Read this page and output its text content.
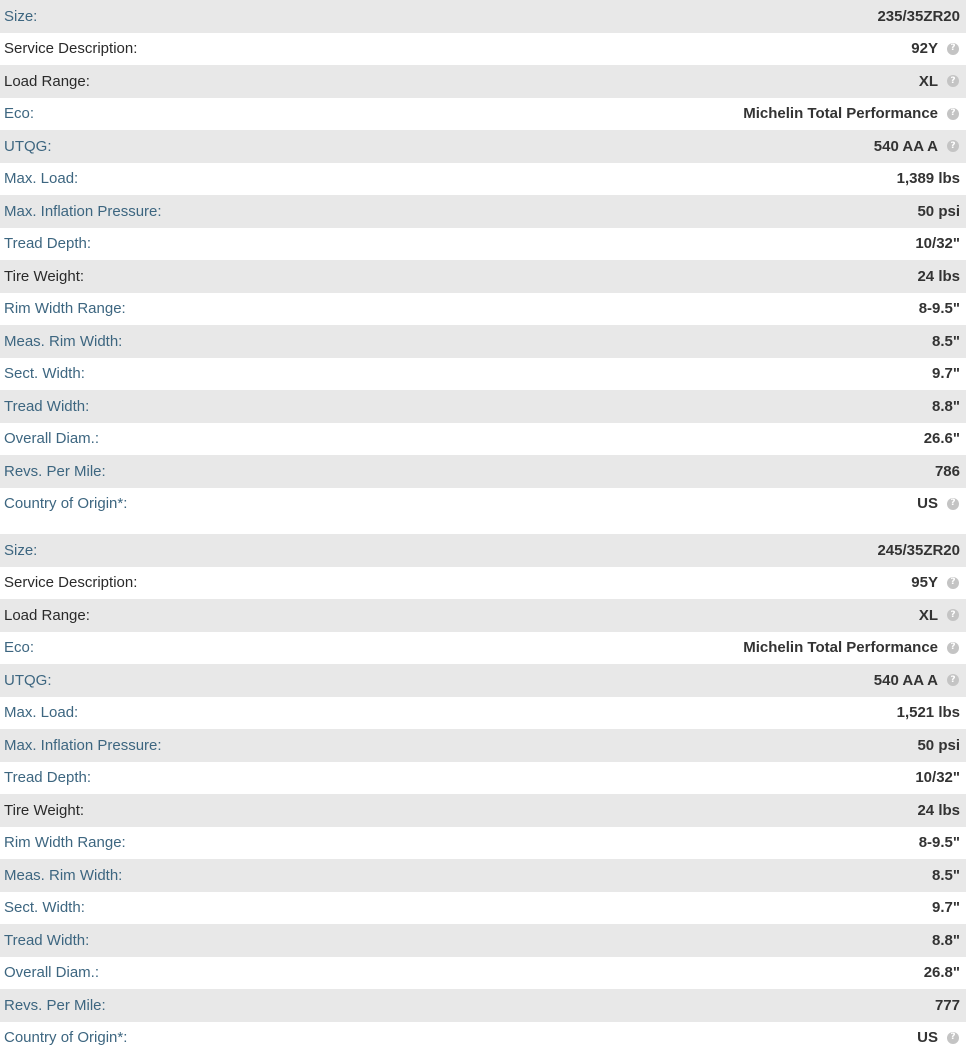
Size:	235/35ZR20
Service Description:	92Y	?
Load Range:	XL	?
Eco:	Michelin Total Performance	?
UTQG:	540 AA A	?
Max. Load:	1,389 lbs
Max. Inflation Pressure:	50 psi
Tread Depth:	10/32"
Tire Weight:	24 lbs
Rim Width Range:	8-9.5"
Meas. Rim Width:	8.5"
Sect. Width:	9.7"
Tread Width:	8.8"
Overall Diam.:	26.6"
Revs. Per Mile:	786
Country of Origin*:	US	?
Size:	245/35ZR20
Service Description:	95Y	?
Load Range:	XL	?
Eco:	Michelin Total Performance	?
UTQG:	540 AA A	?
Max. Load:	1,521 lbs
Max. Inflation Pressure:	50 psi
Tread Depth:	10/32"
Tire Weight:	24 lbs
Rim Width Range:	8-9.5"
Meas. Rim Width:	8.5"
Sect. Width:	9.7"
Tread Width:	8.8"
Overall Diam.:	26.8"
Revs. Per Mile:	777
Country of Origin*:	US	?
